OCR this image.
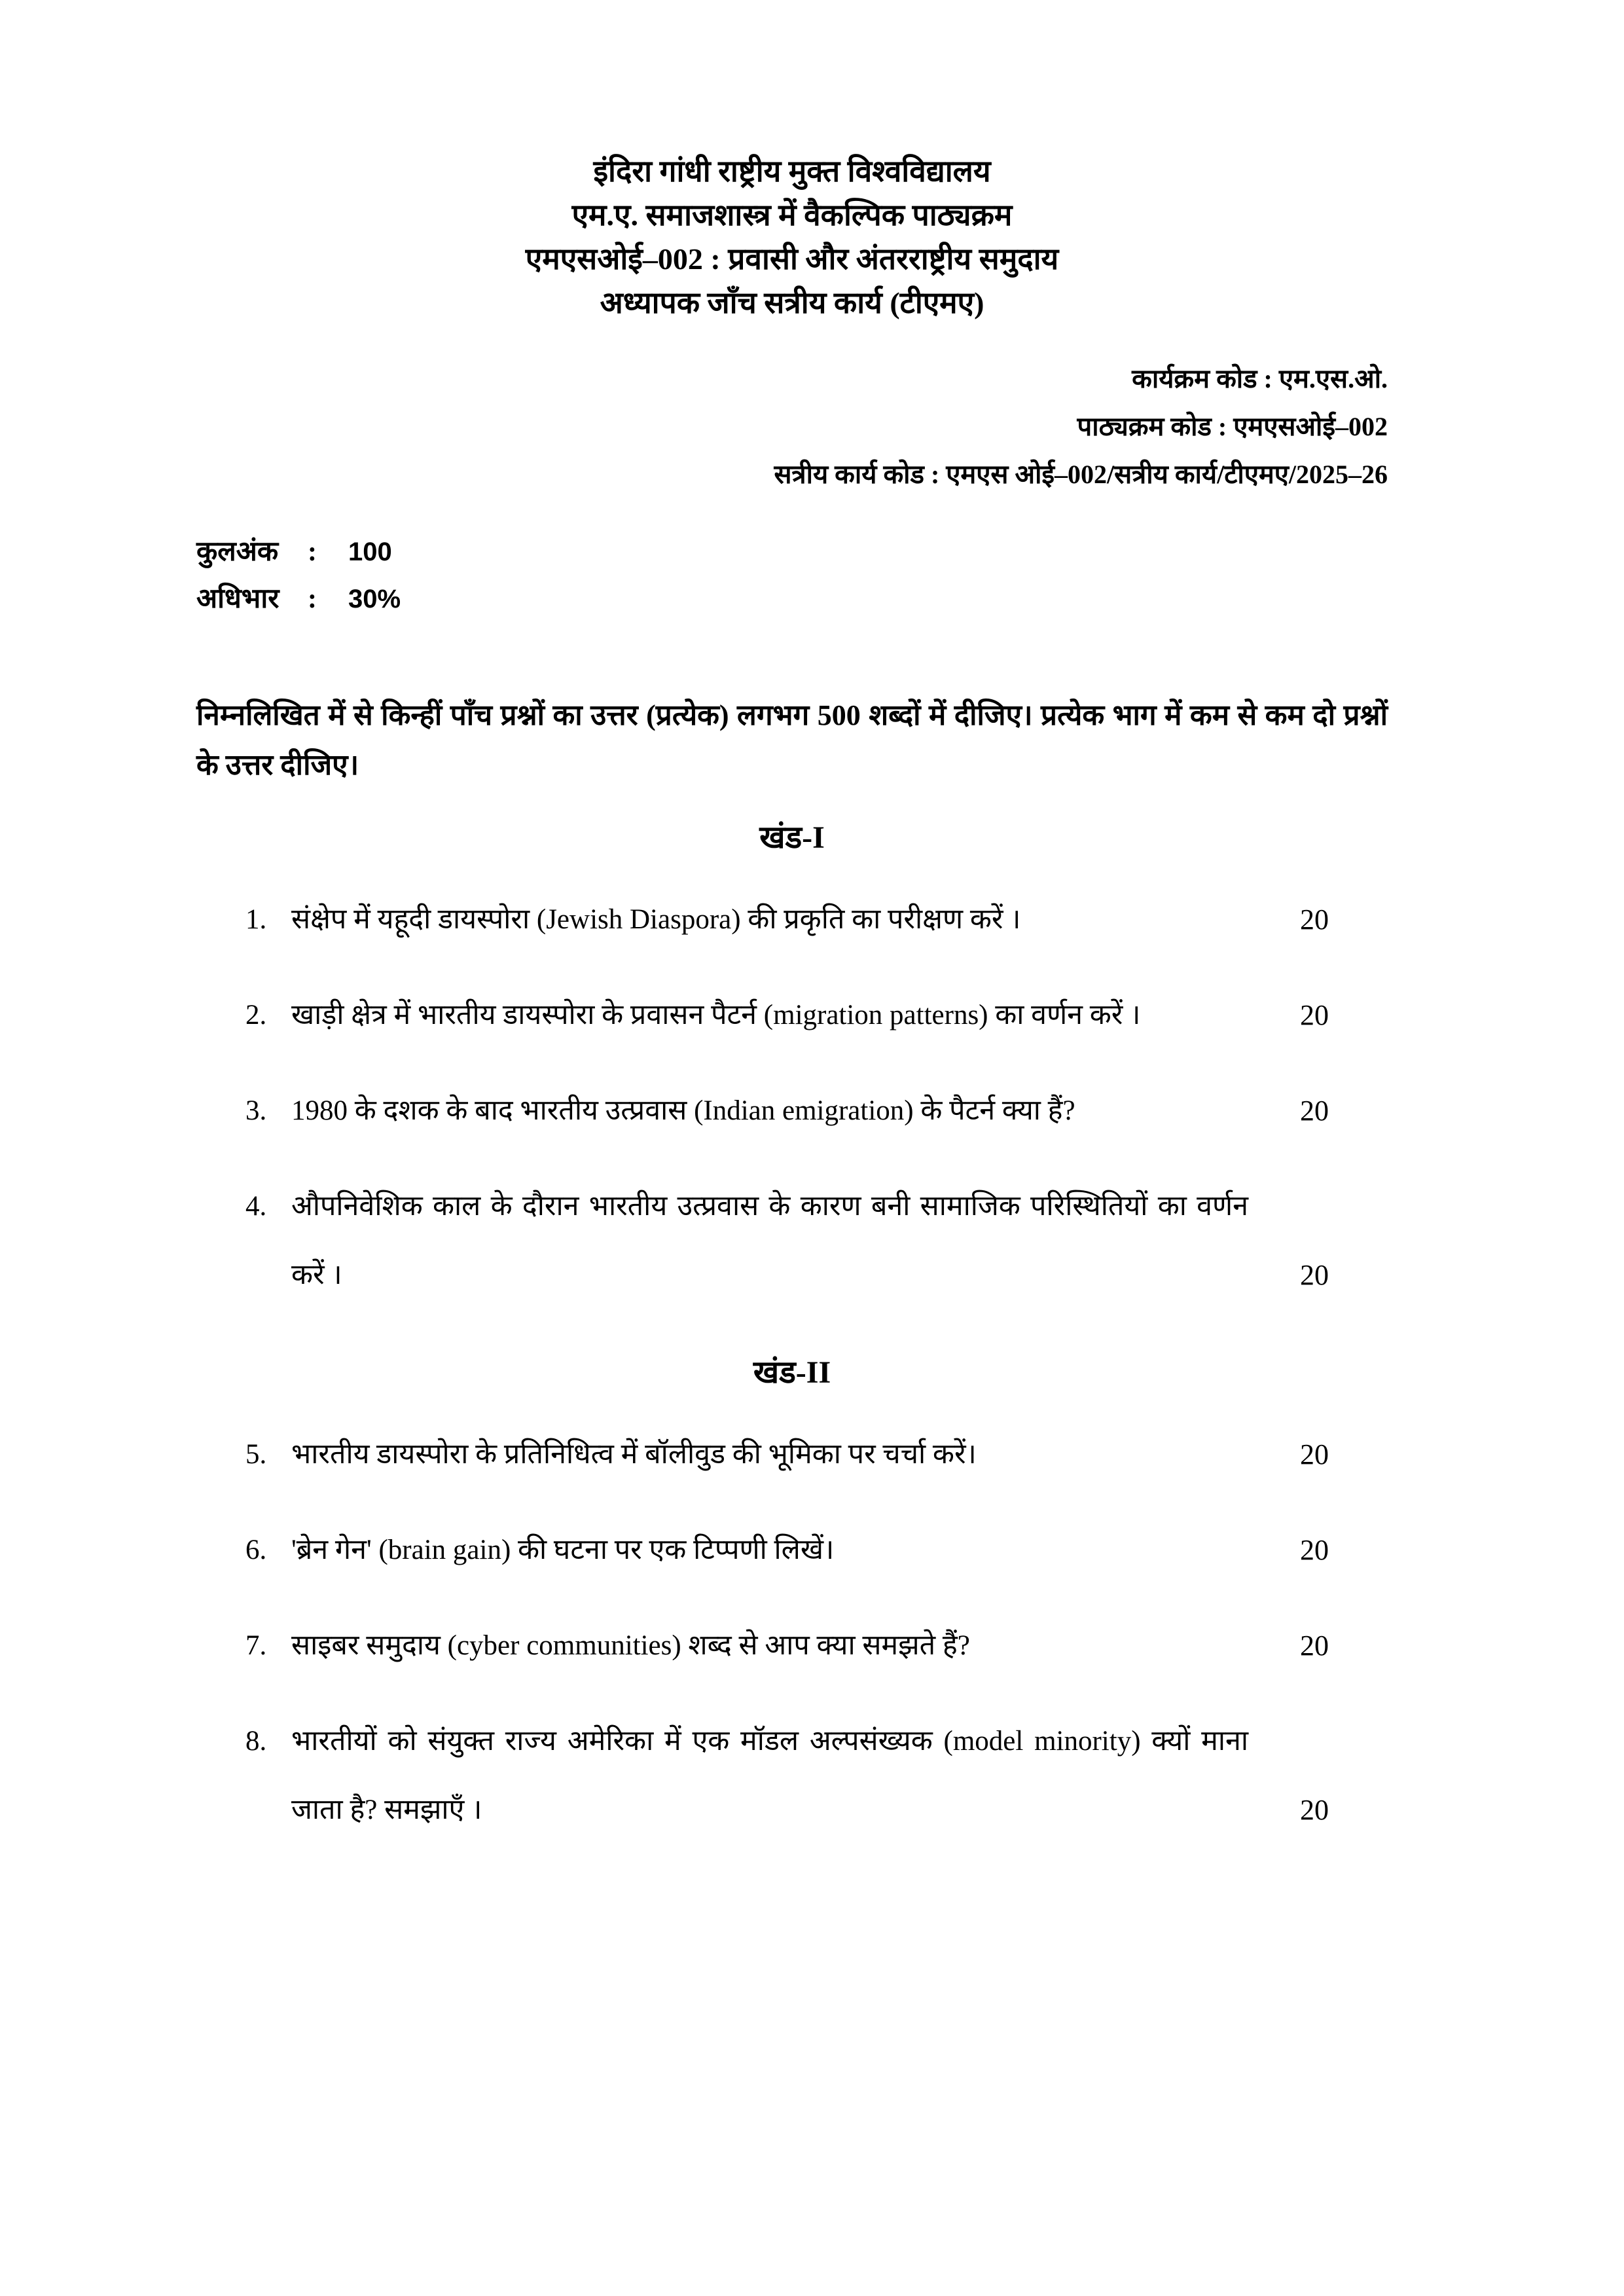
इंदिरा गांधी राष्ट्रीय मुक्त विश्वविद्यालय
एम.ए. समाजशास्त्र में वैकल्पिक पाठ्यक्रम
एमएसओई–002 : प्रवासी और अंतरराष्ट्रीय समुदाय
अध्यापक जाँच सत्रीय कार्य (टीएमए)
कार्यक्रम कोड : एम.एस.ओ.
पाठ्यक्रम कोड : एमएसओई–002
सत्रीय कार्य कोड : एमएस ओई–002/सत्रीय कार्य/टीएमए/2025–26
कुलअंक : 100
अधिभार : 30%
निम्नलिखित में से किन्हीं पाँच प्रश्नों का उत्तर (प्रत्येक) लगभग 500 शब्दों में दीजिए। प्रत्येक भाग में कम से कम दो प्रश्नों के उत्तर दीजिए।
खंड-I
1. संक्षेप में यहूदी डायस्पोरा (Jewish Diaspora) की प्रकृति का परीक्षण करें ।	20
2. खाड़ी क्षेत्र में भारतीय डायस्पोरा के प्रवासन पैटर्न (migration patterns) का वर्णन करें ।	20
3. 1980 के दशक के बाद भारतीय उत्प्रवास (Indian emigration) के पैटर्न क्या हैं?	20
4. औपनिवेशिक काल के दौरान भारतीय उत्प्रवास के कारण बनी सामाजिक परिस्थितियों का वर्णन करें ।	20
खंड-II
5. भारतीय डायस्पोरा के प्रतिनिधित्व में बॉलीवुड की भूमिका पर चर्चा करें।	20
6. 'ब्रेन गेन' (brain gain) की घटना पर एक टिप्पणी लिखें।	20
7. साइबर समुदाय (cyber communities) शब्द से आप क्या समझते हैं?	20
8. भारतीयों को संयुक्त राज्य अमेरिका में एक मॉडल अल्पसंख्यक (model minority) क्यों माना जाता है? समझाएँ ।	20
